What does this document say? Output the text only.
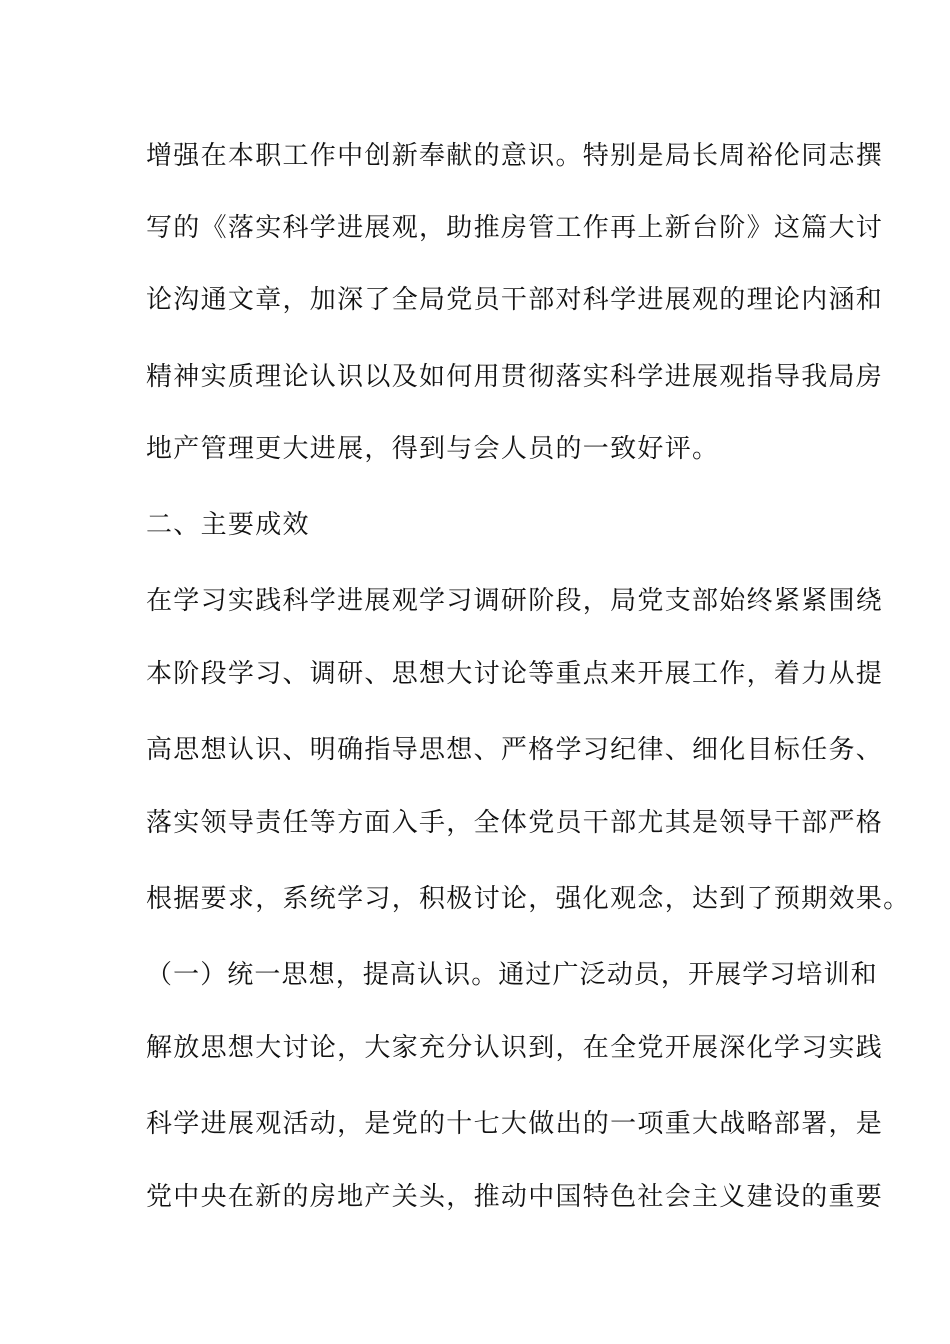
增强在本职工作中创新奉献的意识。特别是局长周裕伦同志撰
写的《落实科学进展观，助推房管工作再上新台阶》这篇大讨
论沟通文章，加深了全局党员干部对科学进展观的理论内涵和
精神实质理论认识以及如何用贯彻落实科学进展观指导我局房
地产管理更大进展，得到与会人员的一致好评。
二、主要成效
在学习实践科学进展观学习调研阶段，局党支部始终紧紧围绕
本阶段学习、调研、思想大讨论等重点来开展工作，着力从提
高思想认识、明确指导思想、严格学习纪律、细化目标任务、
落实领导责任等方面入手，全体党员干部尤其是领导干部严格
根据要求，系统学习，积极讨论，强化观念，达到了预期效果。
（一）统一思想，提高认识。通过广泛动员，开展学习培训和
解放思想大讨论，大家充分认识到，在全党开展深化学习实践
科学进展观活动，是党的十七大做出的一项重大战略部署，是
党中央在新的房地产关头，推动中国特色社会主义建设的重要
